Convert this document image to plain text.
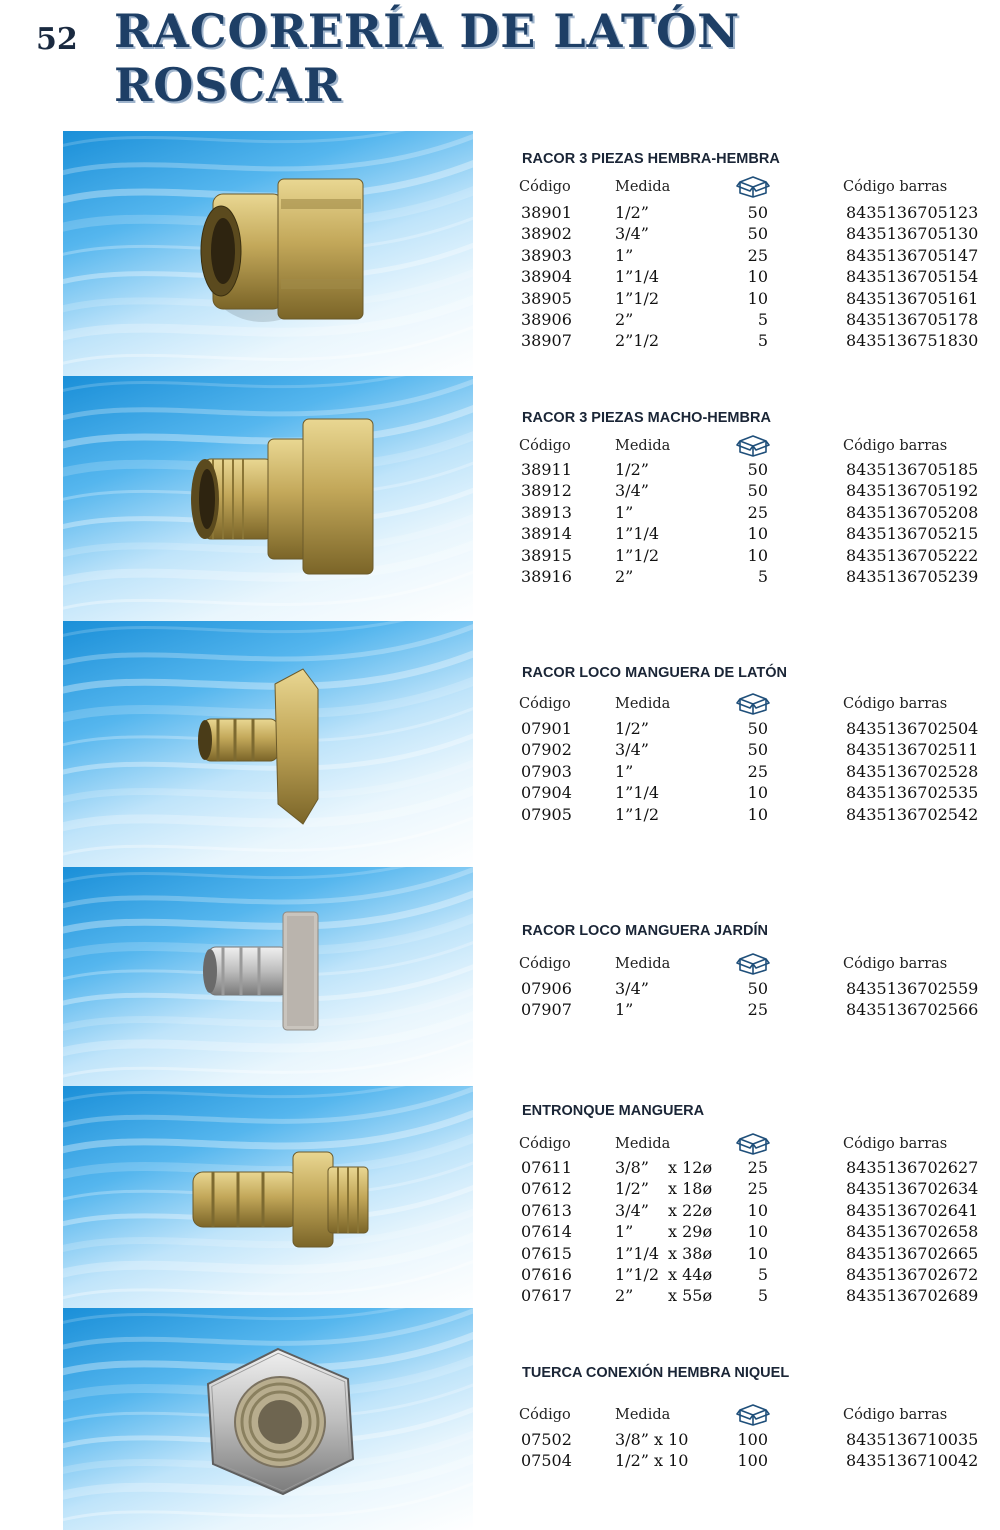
52 RACORERÍA DE LATÓN
ROSCAR
RACOR 3 PIEZAS HEMBRA-HEMBRA
Código	Medida	Código barras
38901	1/2”	50	8435136705123
38902	3/4”	50	8435136705130
38903	1”	25	8435136705147
38904	1”1/4	10	8435136705154
38905	1”1/2	10	8435136705161
38906	2”	5	8435136705178
38907	2”1/2	5	8435136751830
RACOR 3 PIEZAS MACHO-HEMBRA
Código	Medida	Código barras
38911	1/2”	50	8435136705185
38912	3/4”	50	8435136705192
38913	1”	25	8435136705208
38914	1”1/4	10	8435136705215
38915	1”1/2	10	8435136705222
38916	2”	5	8435136705239
RACOR LOCO MANGUERA DE LATÓN
Código	Medida	Código barras
07901	1/2”	50	8435136702504
07902	3/4”	50	8435136702511
07903	1”	25	8435136702528
07904	1”1/4	10	8435136702535
07905	1”1/2	10	8435136702542
RACOR LOCO MANGUERA JARDÍN
Código	Medida	Código barras
07906	3/4”	50	8435136702559
07907	1”	25	8435136702566
ENTRONQUE MANGUERA
Código	Medida	Código barras
07611	3/8” x 12ø	25	8435136702627
07612	1/2” x 18ø	25	8435136702634
07613	3/4” x 22ø	10	8435136702641
07614	1” x 29ø	10	8435136702658
07615	1”1/4 x 38ø	10	8435136702665
07616	1”1/2 x 44ø	5	8435136702672
07617	2” x 55ø	5	8435136702689
TUERCA CONEXIÓN HEMBRA NIQUEL
Código	Medida	Código barras
07502	3/8” x 10	100	8435136710035
07504	1/2” x 10	100	8435136710042
